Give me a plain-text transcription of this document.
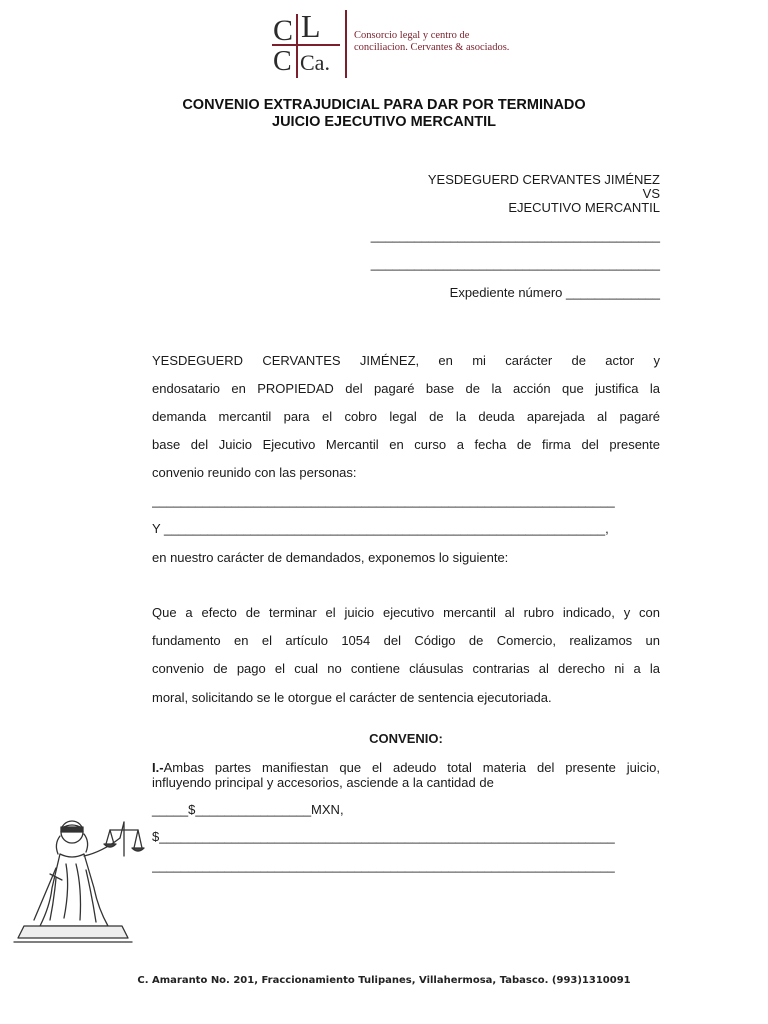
C L
C Ca.
Consorcio legal y centro de
conciliacion. Cervantes & asociados.
CONVENIO EXTRAJUDICIAL PARA DAR POR TERMINADO
JUICIO EJECUTIVO MERCANTIL
YESDEGUERD CERVANTES JIMÉNEZ
VS
EJECUTIVO MERCANTIL
________________________________________
________________________________________
Expediente número _____________
YESDEGUERD CERVANTES JIMÉNEZ, en mi carácter de actor y
endosatario en PROPIEDAD del pagaré base de la acción que justifica la
demanda mercantil para el cobro legal de la deuda aparejada al pagaré
base del Juicio Ejecutivo Mercantil en curso a fecha de firma del presente
convenio reunido con las personas:
________________________________________________________________
Y _____________________________________________________________,
en nuestro carácter de demandados, exponemos lo siguiente:
Que a efecto de terminar el juicio ejecutivo mercantil al rubro indicado, y con
fundamento en el artículo 1054 del Código de Comercio, realizamos un
convenio de pago el cual no contiene cláusulas contrarias al derecho ni a la
moral, solicitando se le otorgue el carácter de sentencia ejecutoriada.
CONVENIO:
I.-Ambas partes manifiestan que el adeudo total materia del presente juicio,
influyendo principal y accesorios, asciende a la cantidad de
_____$________________MXN,
$_______________________________________________________________
________________________________________________________________
C. Amaranto No. 201, Fraccionamiento Tulipanes, Villahermosa, Tabasco. (993)1310091
